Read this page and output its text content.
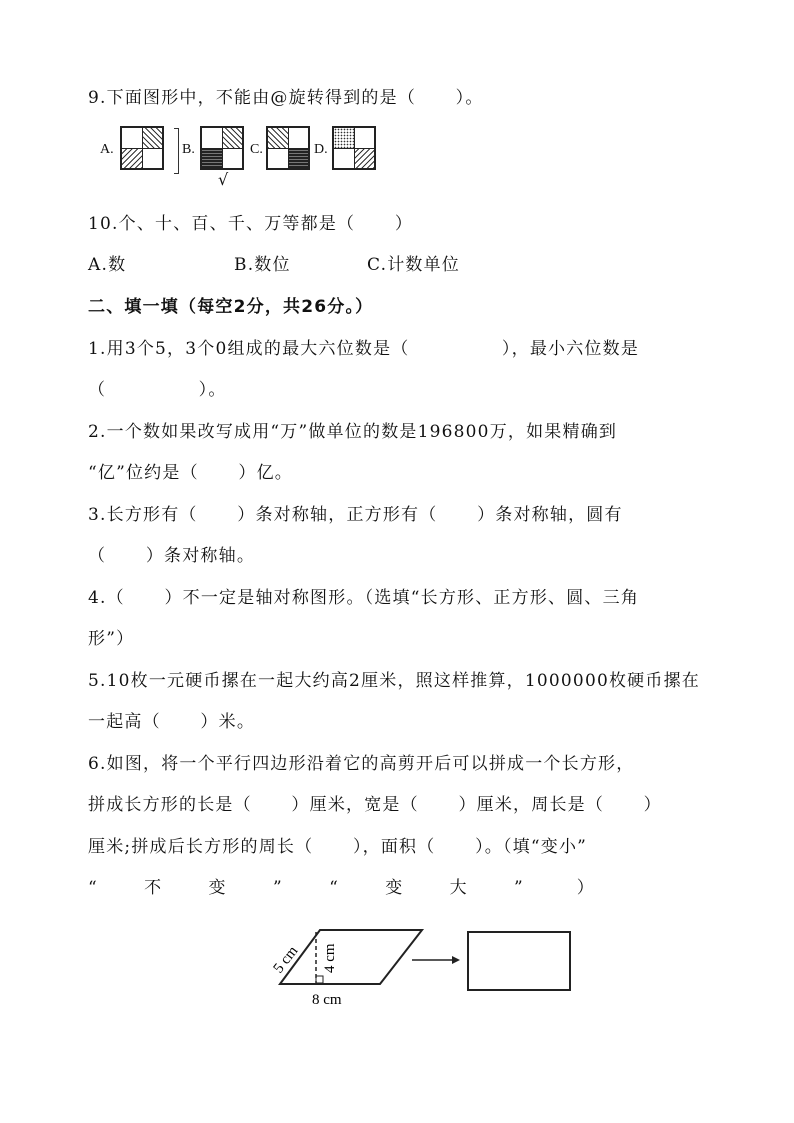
9.下面图形中，不能由@旋转得到的是（      ）。
A.	B.
√
C.	D.
10.个、十、百、千、万等都是（      ）

A.数

	B.数位

	C.计数单位

二、填一填（每空2分，共26分。）
1.用3个5，3个0组成的最大六位数是（              ），最小六位数是
（              ）。
2.一个数如果改写成用“万”做单位的数是196800万，如果精确到
“亿”位约是（      ）亿。
3.长方形有（      ）条对称轴，正方形有（      ）条对称轴，圆有
（      ）条对称轴。
4.（      ）不一定是轴对称图形。（选填“长方形、正方形、圆、三角
形”）
5.10枚一元硬币摞在一起大约高2厘米，照这样推算，1000000枚硬币摞在
一起高（      ）米。
6.如图，将一个平行四边形沿着它的高剪开后可以拼成一个长方形，
拼成长方形的长是（      ）厘米，宽是（      ）厘米，周长是（      ）
厘米;拼成后长方形的周长（      ），面积（      ）。（填“变小”
“       不       变       ”       “       变       大       ”        ）
5 cm 4 cm
8 cm
